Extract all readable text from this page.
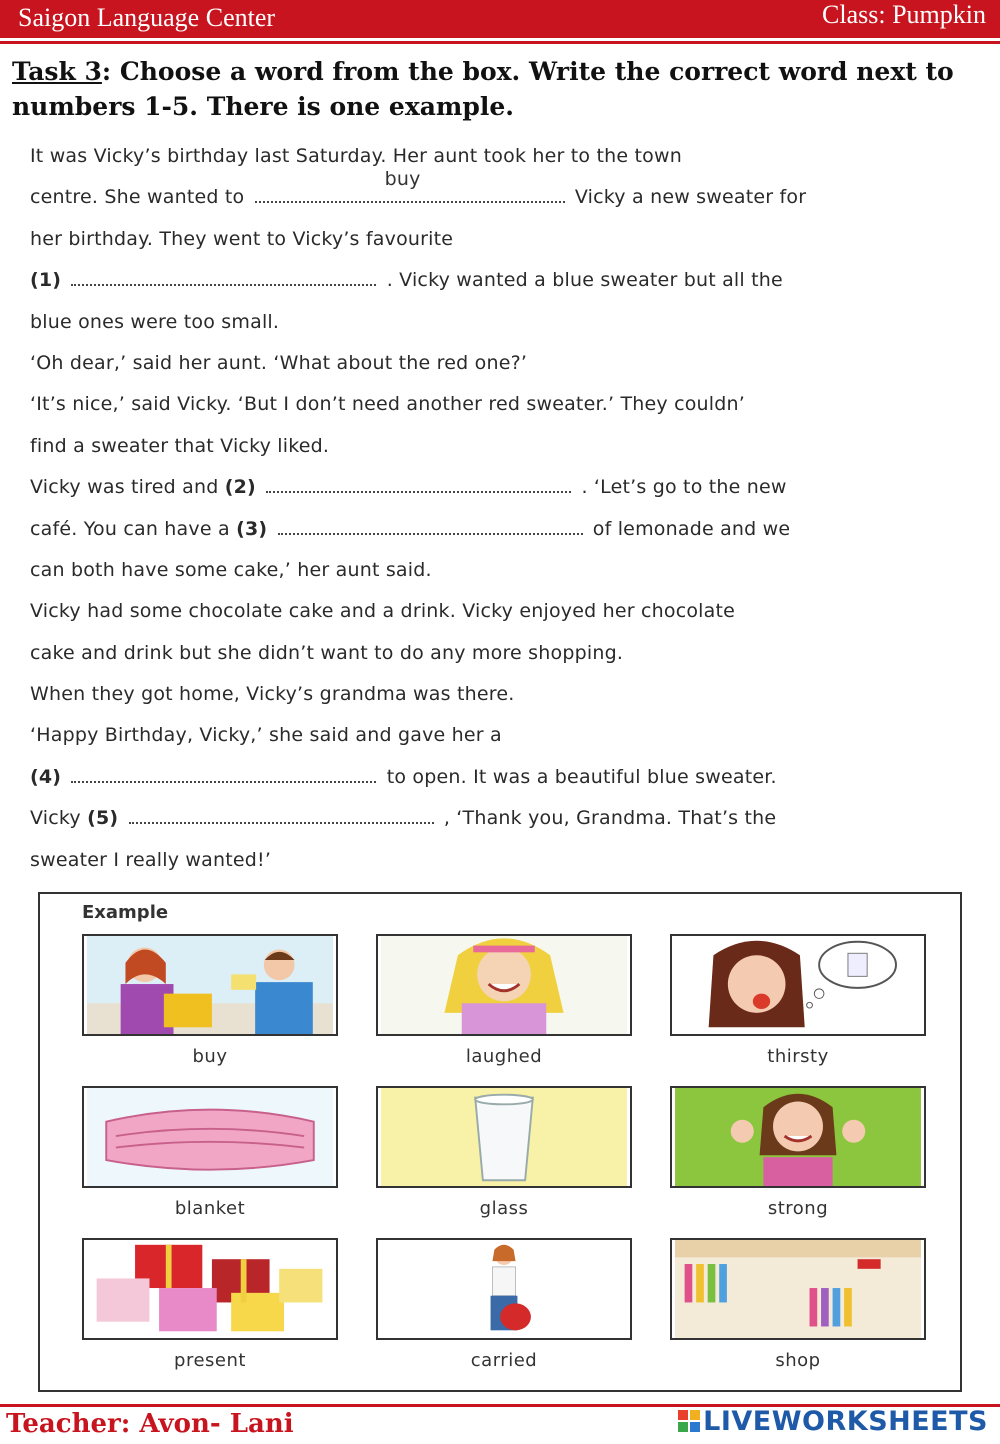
Saigon Language Center	Class: Pumpkin
Task 3: Choose a word from the box. Write the correct word next to numbers 1-5. There is one example.
It was Vicky’s birthday last Saturday. Her aunt took her to the town
centre. She wanted to
buy
Vicky a new sweater for
her birthday. They went to Vicky’s favourite
(1)	. Vicky wanted a blue sweater but all the
blue ones were too small.
‘Oh dear,’ said her aunt. ‘What about the red one?’
‘It’s nice,’ said Vicky. ‘But I don’t need another red sweater.’ They couldn’
find a sweater that Vicky liked.
Vicky was tired and (2)	. ‘Let’s go to the new
café. You can have a (3)	of lemonade and we
can both have some cake,’ her aunt said.
Vicky had some chocolate cake and a drink. Vicky enjoyed her chocolate
cake and drink but she didn’t want to do any more shopping.
When they got home, Vicky’s grandma was there.
‘Happy Birthday, Vicky,’ she said and gave her a
(4)	to open. It was a beautiful blue sweater.
Vicky (5)	, ‘Thank you, Grandma. That’s the
sweater I really wanted!’
Example
buy	laughed	thirsty
blanket	glass	strong
present	carried	shop
Teacher: Avon- Lani	LIVEWORKSHEETS
